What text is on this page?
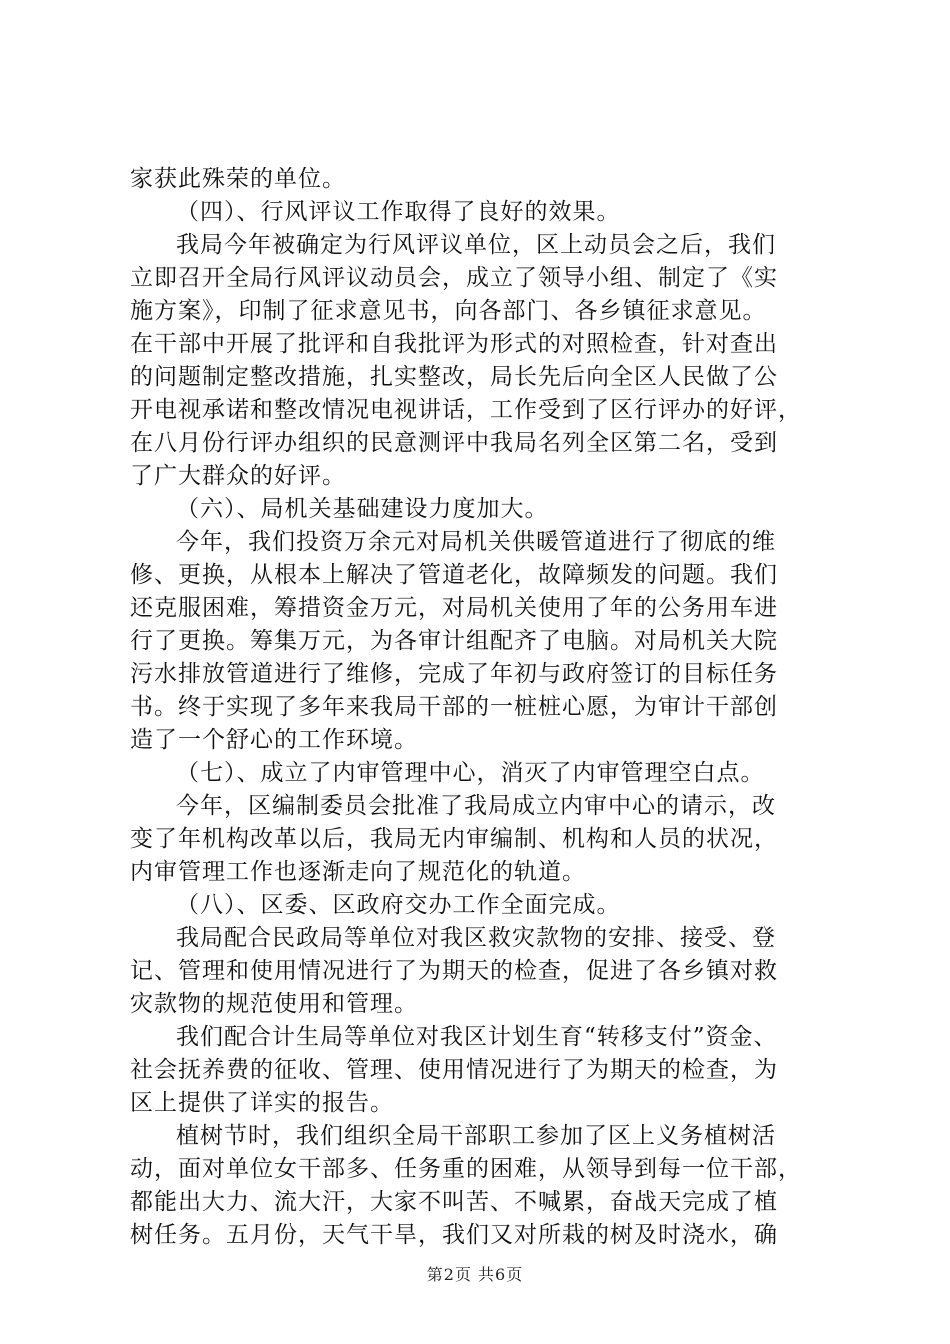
家获此殊荣的单位。
（四）、行风评议工作取得了良好的效果。
我局今年被确定为行风评议单位，区上动员会之后，我们
立即召开全局行风评议动员会，成立了领导小组、制定了《实
施方案》，印制了征求意见书，向各部门、各乡镇征求意见。
在干部中开展了批评和自我批评为形式的对照检查，针对查出
的问题制定整改措施，扎实整改，局长先后向全区人民做了公
开电视承诺和整改情况电视讲话，工作受到了区行评办的好评，
在八月份行评办组织的民意测评中我局名列全区第二名，受到
了广大群众的好评。
（六）、局机关基础建设力度加大。
今年，我们投资万余元对局机关供暖管道进行了彻底的维
修、更换，从根本上解决了管道老化，故障频发的问题。我们
还克服困难，筹措资金万元，对局机关使用了年的公务用车进
行了更换。筹集万元，为各审计组配齐了电脑。对局机关大院
污水排放管道进行了维修，完成了年初与政府签订的目标任务
书。终于实现了多年来我局干部的一桩桩心愿，为审计干部创
造了一个舒心的工作环境。
（七）、成立了内审管理中心，消灭了内审管理空白点。
今年，区编制委员会批准了我局成立内审中心的请示，改
变了年机构改革以后，我局无内审编制、机构和人员的状况，
内审管理工作也逐渐走向了规范化的轨道。
（八）、区委、区政府交办工作全面完成。
我局配合民政局等单位对我区救灾款物的安排、接受、登
记、管理和使用情况进行了为期天的检查，促进了各乡镇对救
灾款物的规范使用和管理。
我们配合计生局等单位对我区计划生育“转移支付”资金、
社会抚养费的征收、管理、使用情况进行了为期天的检查，为
区上提供了详实的报告。
植树节时，我们组织全局干部职工参加了区上义务植树活
动，面对单位女干部多、任务重的困难，从领导到每一位干部，
都能出大力、流大汗，大家不叫苦、不喊累，奋战天完成了植
树任务。五月份，天气干旱，我们又对所栽的树及时浇水，确
第2页 共6页
